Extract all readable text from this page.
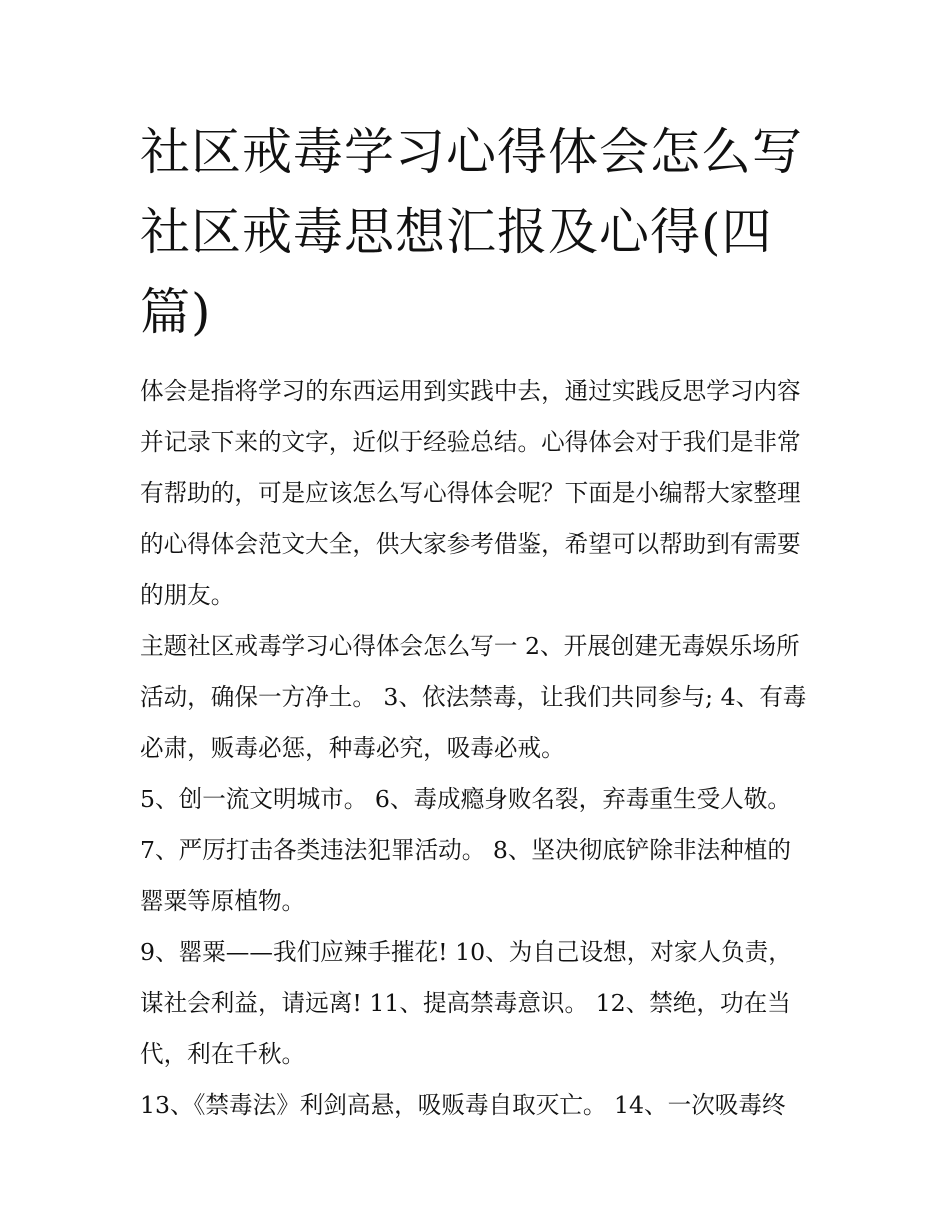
社区戒毒学习心得体会怎么写社区戒毒思想汇报及心得(四篇)

体会是指将学习的东西运用到实践中去，通过实践反思学习内容并记录下来的文字，近似于经验总结。心得体会对于我们是非常有帮助的，可是应该怎么写心得体会呢？下面是小编帮大家整理的心得体会范文大全，供大家参考借鉴，希望可以帮助到有需要的朋友。

主题社区戒毒学习心得体会怎么写一 2、开展创建无毒娱乐场所活动，确保一方净土。 3、依法禁毒，让我们共同参与; 4、有毒必肃，贩毒必惩，种毒必究，吸毒必戒。

5、创一流文明城市。 6、毒成瘾身败名裂，弃毒重生受人敬。 7、严厉打击各类违法犯罪活动。 8、坚决彻底铲除非法种植的罂粟等原植物。

9、罂粟——我们应辣手摧花! 10、为自己设想，对家人负责，谋社会利益，请远离! 11、提高禁毒意识。 12、禁绝，功在当代，利在千秋。

13、《禁毒法》利剑高悬，吸贩毒自取灭亡。 14、一次吸毒终
